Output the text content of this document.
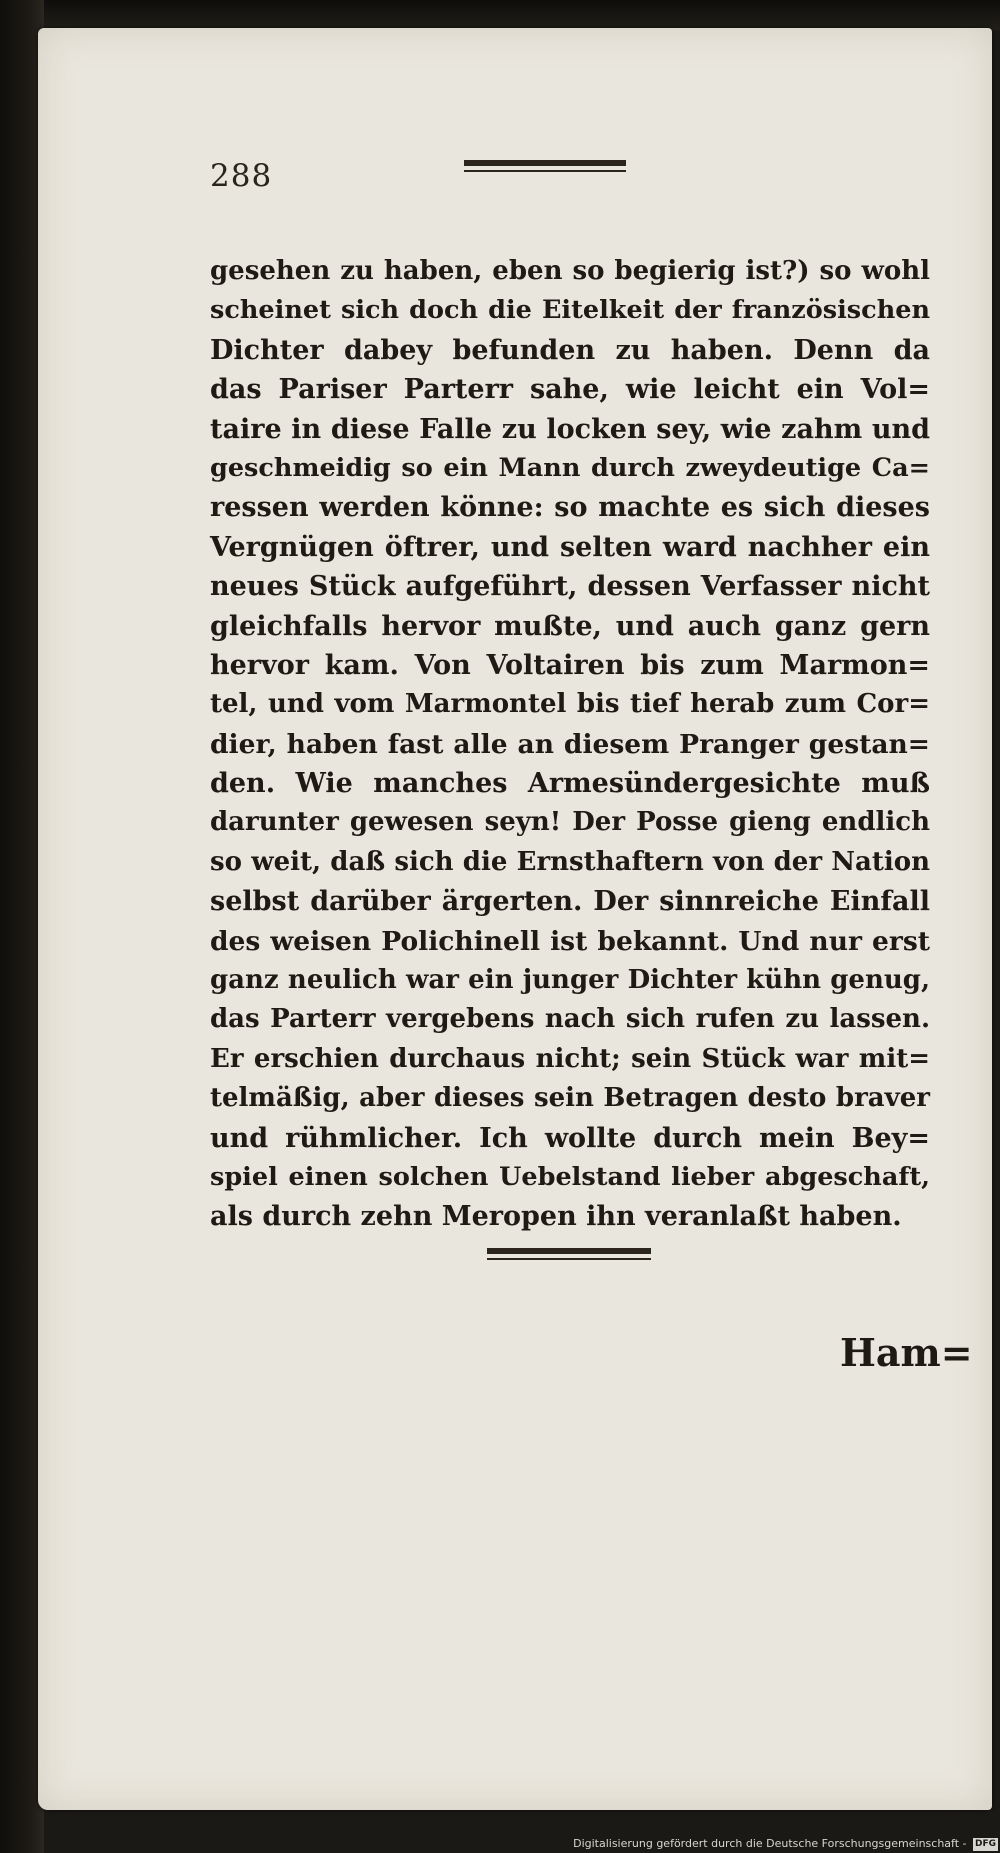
288
gesehen zu haben, eben so begierig ist?) so wohl
scheinet sich doch die Eitelkeit der französischen
Dichter dabey befunden zu haben. Denn da
das Pariser Parterr sahe, wie leicht ein Vol=
taire in diese Falle zu locken sey, wie zahm und
geschmeidig so ein Mann durch zweydeutige Ca=
ressen werden könne: so machte es sich dieses
Vergnügen öftrer, und selten ward nachher ein
neues Stück aufgeführt, dessen Verfasser nicht
gleichfalls hervor mußte, und auch ganz gern
hervor kam. Von Voltairen bis zum Marmon=
tel, und vom Marmontel bis tief herab zum Cor=
dier, haben fast alle an diesem Pranger gestan=
den. Wie manches Armesündergesichte muß
darunter gewesen seyn! Der Posse gieng endlich
so weit, daß sich die Ernsthaftern von der Nation
selbst darüber ärgerten. Der sinnreiche Einfall
des weisen Polichinell ist bekannt. Und nur erst
ganz neulich war ein junger Dichter kühn genug,
das Parterr vergebens nach sich rufen zu lassen.
Er erschien durchaus nicht; sein Stück war mit=
telmäßig, aber dieses sein Betragen desto braver
und rühmlicher. Ich wollte durch mein Bey=
spiel einen solchen Uebelstand lieber abgeschaft,
als durch zehn Meropen ihn veranlaßt haben.
Ham=
Digitalisierung gefördert durch die Deutsche Forschungsgemeinschaft - DFG
